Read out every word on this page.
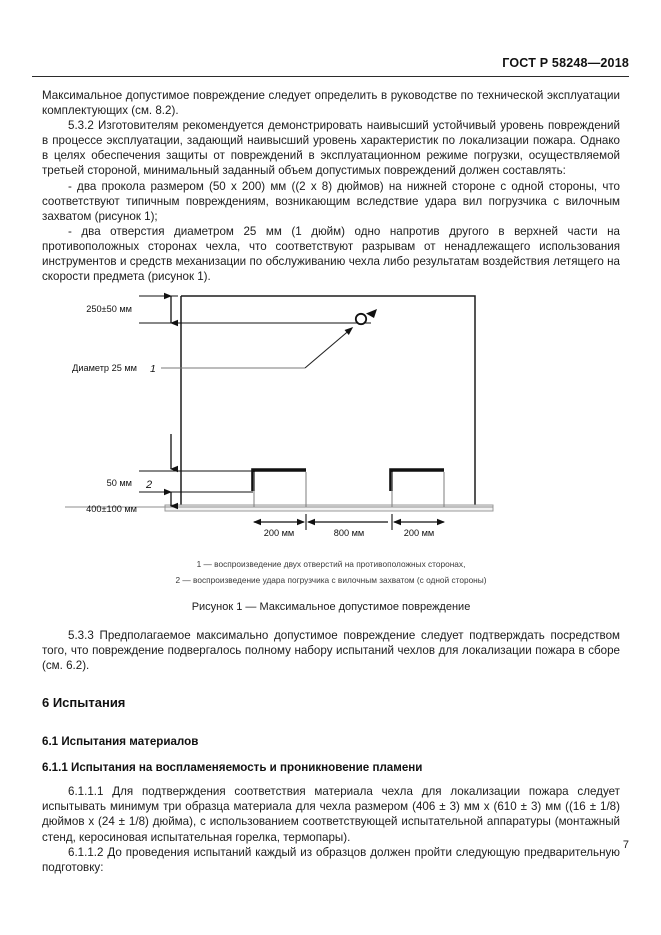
ГОСТ Р 58248—2018

Максимальное допустимое повреждение следует определить в руководстве по технической эксплуатации комплектующих (см. 8.2).

5.3.2 Изготовителям рекомендуется демонстрировать наивысший устойчивый уровень повреждений в процессе эксплуатации, задающий наивысший уровень характеристик по локализации пожара. Однако в целях обеспечения защиты от повреждений в эксплуатационном режиме погрузки, осуществляемой третьей стороной, минимальный заданный объем допустимых повреждений должен составлять:

- два прокола размером (50 x 200) мм ((2 x 8) дюймов) на нижней стороне с одной стороны, что соответствуют типичным повреждениям, возникающим вследствие удара вил погрузчика с вилочным захватом (рисунок 1);

- два отверстия диаметром 25 мм (1 дюйм) одно напротив другого в верхней части на противоположных сторонах чехла, что соответствуют разрывам от ненадлежащего использования инструментов и средств механизации по обслуживанию чехла либо результатам воздействия летящего на скорости предмета (рисунок 1).

250±50 мм
Диаметр 25 мм 1
50 мм 2
400±100 мм
200 мм	800 мм	200 мм
1 — воспроизведение двух отверстий на противоположных сторонах,
2 — воспроизведение удара погрузчика с вилочным захватом (с одной стороны)
Рисунок 1 — Максимальное допустимое повреждение

5.3.3 Предполагаемое максимально допустимое повреждение следует подтверждать посредством того, что повреждение подвергалось полному набору испытаний чехлов для локализации пожара в сборе (см. 6.2).

6 Испытания
6.1 Испытания материалов
6.1.1 Испытания на воспламеняемость и проникновение пламени

6.1.1.1 Для подтверждения соответствия материала чехла для локализации пожара следует испытывать минимум три образца материала для чехла размером (406 ± 3) мм х (610 ± 3) мм ((16 ± 1/8) дюймов х (24 ± 1/8) дюйма), с использованием соответствующей испытательной аппаратуры (монтажный стенд, керосиновая испытательная горелка, термопары).

6.1.1.2 До проведения испытаний каждый из образцов должен пройти следующую предварительную подготовку:

7
